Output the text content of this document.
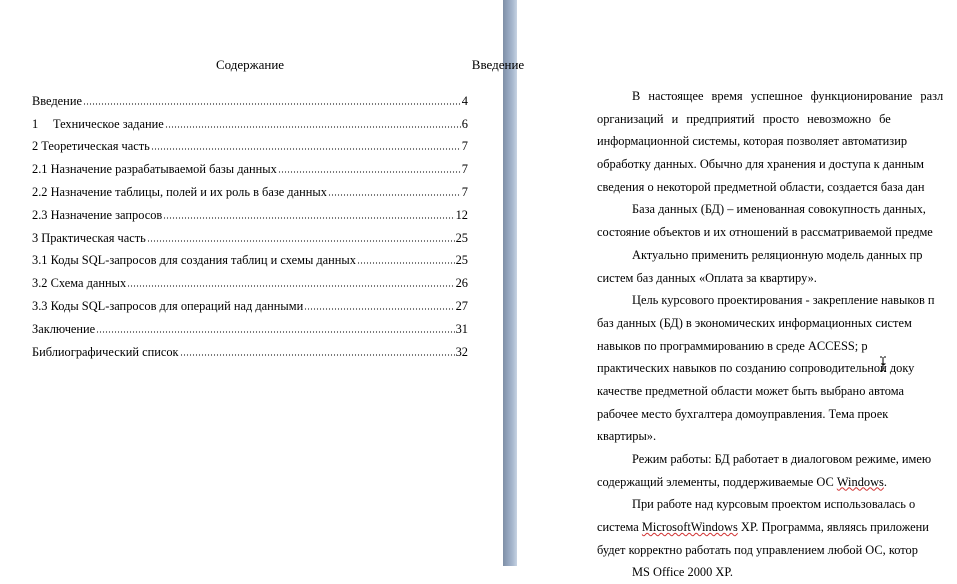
Содержание
Введение	4
1 Техническое задание	6
2 Теоретическая часть	7
2.1 Назначение разрабатываемой базы данных	7
2.2 Назначение таблицы, полей и их роль в базе данных	7
2.3 Назначение запросов	12
3 Практическая часть	25
3.1 Коды SQL-запросов для создания таблиц и схемы данных	25
3.2 Схема данных	26
3.3 Коды SQL-запросов для операций над данными	27
Заключение	31
Библиографический список	32
Введение
В настоящее время успешное функционирование разл
организаций и предприятий просто невозможно бе
информационной системы, которая позволяет автоматизир
обработку данных. Обычно для хранения и доступа к данным
сведения о некоторой предметной области, создается база дан
База данных (БД) – именованная совокупность данных,
состояние объектов и их отношений в рассматриваемой предме
Актуально применить реляционную модель данных пр
систем баз данных «Оплата за квартиру».
Цель курсового проектирования - закрепление навыков п
баз данных (БД) в экономических информационных систем
навыков по программированию в среде ACCESS; р
практических навыков по созданию сопроводительной доку
качестве предметной области может быть выбрано автома
рабочее место бухгалтера домоуправления. Тема проек
квартиры».
Режим работы: БД работает в диалоговом режиме, имею
содержащий элементы, поддерживаемые ОС Windows.
При работе над курсовым проектом использовалась о
система MicrosoftWindows XP. Программа, являясь приложени
будет корректно работать под управлением любой ОС, котор
MS Office 2000 XP.
